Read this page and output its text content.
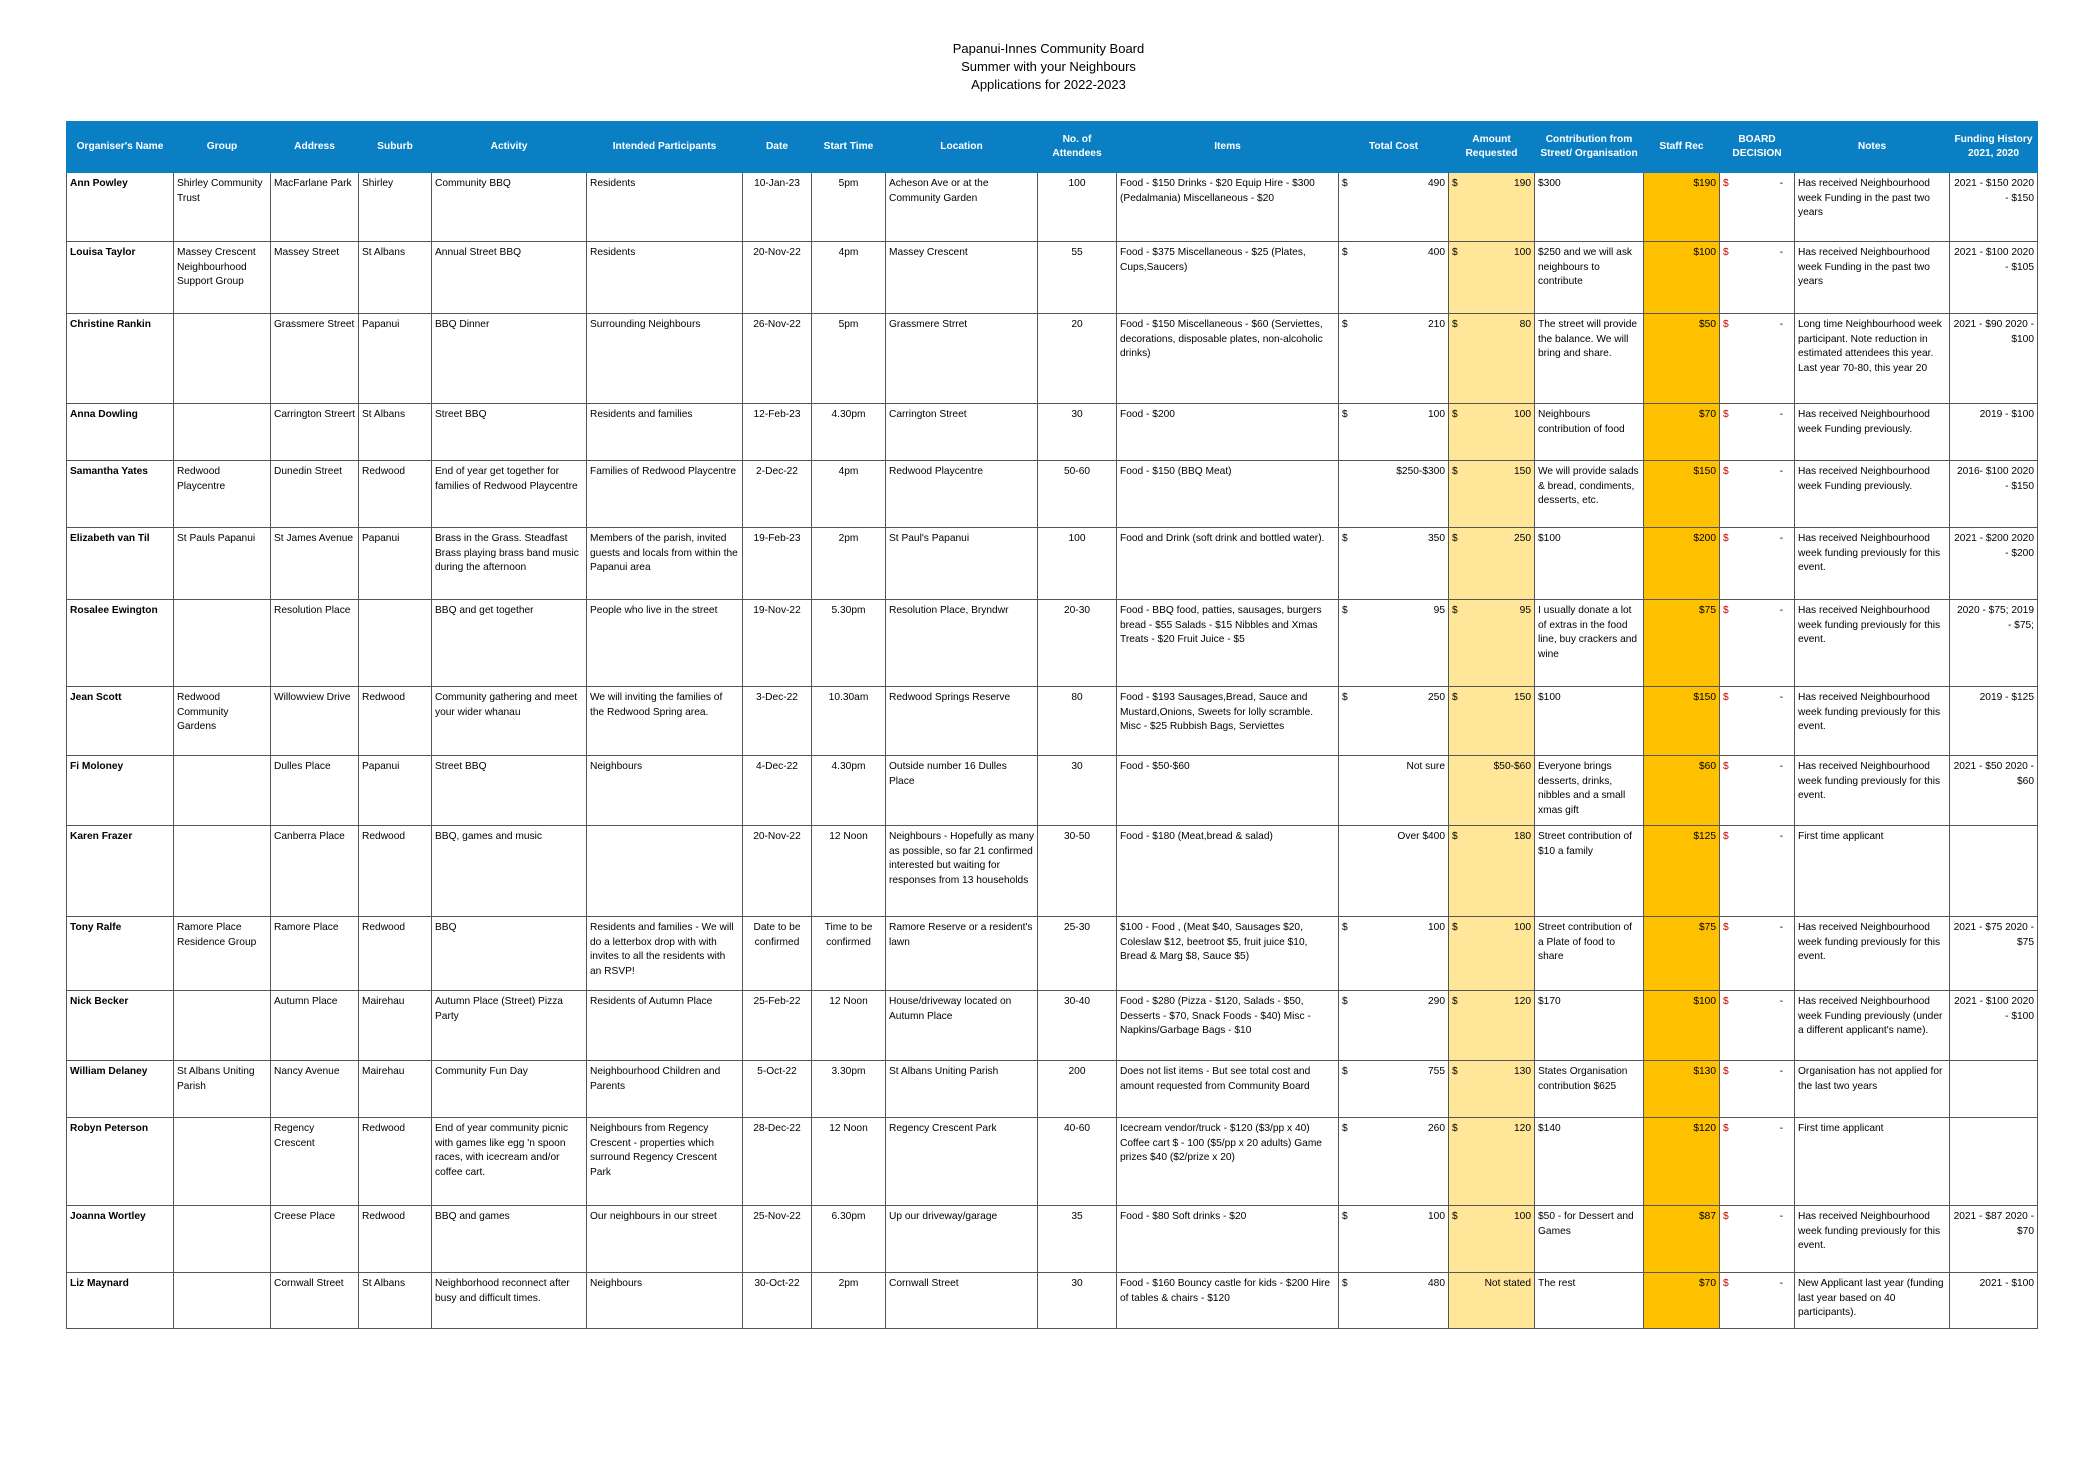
Papanui-Innes Community Board
Summer with your Neighbours
Applications for 2022-2023
Organiser's Name	Group	Address	Suburb	Activity	Intended Participants	Date	Start Time	Location	No. of Attendees	Items	Total Cost	Amount Requested	Contribution from Street/ Organisation	Staff Rec	BOARD DECISION	Notes	Funding History 2021, 2020
Ann Powley	Shirley Community Trust	MacFarlane Park	Shirley	Community BBQ	Residents	10-Jan-23	5pm	Acheson Ave or at the Community Garden	100	Food - $150 Drinks - $20 Equip Hire - $300 (Pedalmania) Miscellaneous - $20	$ 490	$ 190	$300	$190	$ -	Has received Neighbourhood week Funding in the past two years	2021 - $150 2020 - $150
Louisa Taylor	Massey Crescent Neighbourhood Support Group	Massey Street	St Albans	Annual Street BBQ	Residents	20-Nov-22	4pm	Massey Crescent	55	Food - $375 Miscellaneous - $25 (Plates, Cups,Saucers)	$ 400	$ 100	$250 and we will ask neighbours to contribute	$100	$ -	Has received Neighbourhood week Funding in the past two years	2021 - $100 2020 - $105
Christine Rankin		Grassmere Street	Papanui	BBQ Dinner	Surrounding Neighbours	26-Nov-22	5pm	Grassmere Strret	20	Food - $150 Miscellaneous - $60 (Serviettes, decorations, disposable plates, non-alcoholic drinks)	$ 210	$ 80	The street will provide the balance. We will bring and share.	$50	$ -	Long time Neighbourhood week participant. Note reduction in estimated attendees this year. Last year 70-80, this year 20	2021 - $90 2020 - $100
Anna Dowling		Carrington Streert	St Albans	Street BBQ	Residents and families	12-Feb-23	4.30pm	Carrington Street	30	Food - $200	$ 100	$ 100	Neighbours contribution of food	$70	$ -	Has received Neighbourhood week Funding previously.	2019 - $100
Samantha Yates	Redwood Playcentre	Dunedin Street	Redwood	End of year get together for families of Redwood Playcentre	Families of Redwood Playcentre	2-Dec-22	4pm	Redwood Playcentre	50-60	Food - $150 (BBQ Meat)	$250-$300	$ 150	We will provide salads & bread, condiments, desserts, etc.	$150	$ -	Has received Neighbourhood week Funding previously.	2016- $100 2020 - $150
Elizabeth van Til	St Pauls Papanui	St James Avenue	Papanui	Brass in the Grass. Steadfast Brass playing brass band music during the afternoon	Members of the parish, invited guests and locals from within the Papanui area	19-Feb-23	2pm	St Paul's Papanui	100	Food and Drink (soft drink and bottled water).	$ 350	$ 250	$100	$200	$ -	Has received Neighbourhood week funding previously for this event.	2021 - $200 2020 - $200
Rosalee Ewington		Resolution Place		BBQ and get together	People who live in the street	19-Nov-22	5.30pm	Resolution Place, Bryndwr	20-30	Food - BBQ food, patties, sausages, burgers bread - $55 Salads - $15 Nibbles and Xmas Treats - $20 Fruit Juice - $5	$ 95	$ 95	I usually donate a lot of extras in the food line, buy crackers and wine	$75	$ -	Has received Neighbourhood week funding previously for this event.	2020 - $75; 2019 - $75;
Jean Scott	Redwood Community Gardens	Willowview Drive	Redwood	Community gathering and meet your wider whanau	We will inviting the families of the Redwood Spring area.	3-Dec-22	10.30am	Redwood Springs Reserve	80	Food - $193 Sausages,Bread, Sauce and Mustard,Onions, Sweets for lolly scramble. Misc - $25 Rubbish Bags, Serviettes	$ 250	$ 150	$100	$150	$ -	Has received Neighbourhood week funding previously for this event.	2019 - $125
Fi Moloney		Dulles Place	Papanui	Street BBQ	Neighbours	4-Dec-22	4.30pm	Outside number 16 Dulles Place	30	Food - $50-$60	Not sure	$50-$60	Everyone brings desserts, drinks, nibbles and a small xmas gift	$60	$ -	Has received Neighbourhood week funding previously for this event.	2021 - $50 2020 - $60
Karen Frazer		Canberra Place	Redwood	BBQ, games and music		20-Nov-22	12 Noon	Neighbours - Hopefully as many as possible, so far 21 confirmed interested but waiting for responses from 13 households	30-50	Food - $180 (Meat,bread & salad)	Over $400	$ 180	Street contribution of $10 a family	$125	$ -	First time applicant	
Tony Ralfe	Ramore Place Residence Group	Ramore Place	Redwood	BBQ	Residents and families - We will do a letterbox drop with with invites to all the residents with an RSVP!	Date to be confirmed	Time to be confirmed	Ramore Reserve or a resident's lawn	25-30	$100 - Food , (Meat $40, Sausages $20, Coleslaw $12, beetroot $5, fruit juice $10, Bread & Marg $8, Sauce $5)	$ 100	$ 100	Street contribution of a Plate of food to share	$75	$ -	Has received Neighbourhood week funding previously for this event.	2021 - $75 2020 - $75
Nick Becker		Autumn Place	Mairehau	Autumn Place (Street) Pizza Party	Residents of Autumn Place	25-Feb-22	12 Noon	House/driveway located on Autumn Place	30-40	Food - $280 (Pizza - $120, Salads - $50, Desserts - $70, Snack Foods - $40) Misc - Napkins/Garbage Bags - $10	$ 290	$ 120	$170	$100	$ -	Has received Neighbourhood week Funding previously (under a different applicant's name).	2021 - $100 2020 - $100
William Delaney	St Albans Uniting Parish	Nancy Avenue	Mairehau	Community Fun Day	Neighbourhood Children and Parents	5-Oct-22	3.30pm	St Albans Uniting Parish	200	Does not list items - But see total cost and amount requested from Community Board	$ 755	$ 130	States Organisation contribution $625	$130	$ -	Organisation has not applied for the last two years	
Robyn Peterson		Regency Crescent	Redwood	End of year community picnic with games like egg 'n spoon races, with icecream and/or coffee cart.	Neighbours from Regency Crescent - properties which surround Regency Crescent Park	28-Dec-22	12 Noon	Regency Crescent Park	40-60	Icecream vendor/truck - $120 ($3/pp x 40) Coffee cart $ - 100 ($5/pp x 20 adults) Game prizes $40 ($2/prize x 20)	$ 260	$ 120	$140	$120	$ -	First time applicant	
Joanna Wortley		Creese Place	Redwood	BBQ and games	Our neighbours in our street	25-Nov-22	6.30pm	Up our driveway/garage	35	Food - $80 Soft drinks - $20	$ 100	$ 100	$50 - for Dessert and Games	$87	$ -	Has received Neighbourhood week funding previously for this event.	2021 - $87 2020 - $70
Liz Maynard		Cornwall Street	St Albans	Neighborhood reconnect after busy and difficult times.	Neighbours	30-Oct-22	2pm	Cornwall Street	30	Food - $160 Bouncy castle for kids - $200 Hire of tables & chairs - $120	$ 480	Not stated	The rest	$70	$ -	New Applicant last year (funding last year based on 40 participants).	2021 - $100
